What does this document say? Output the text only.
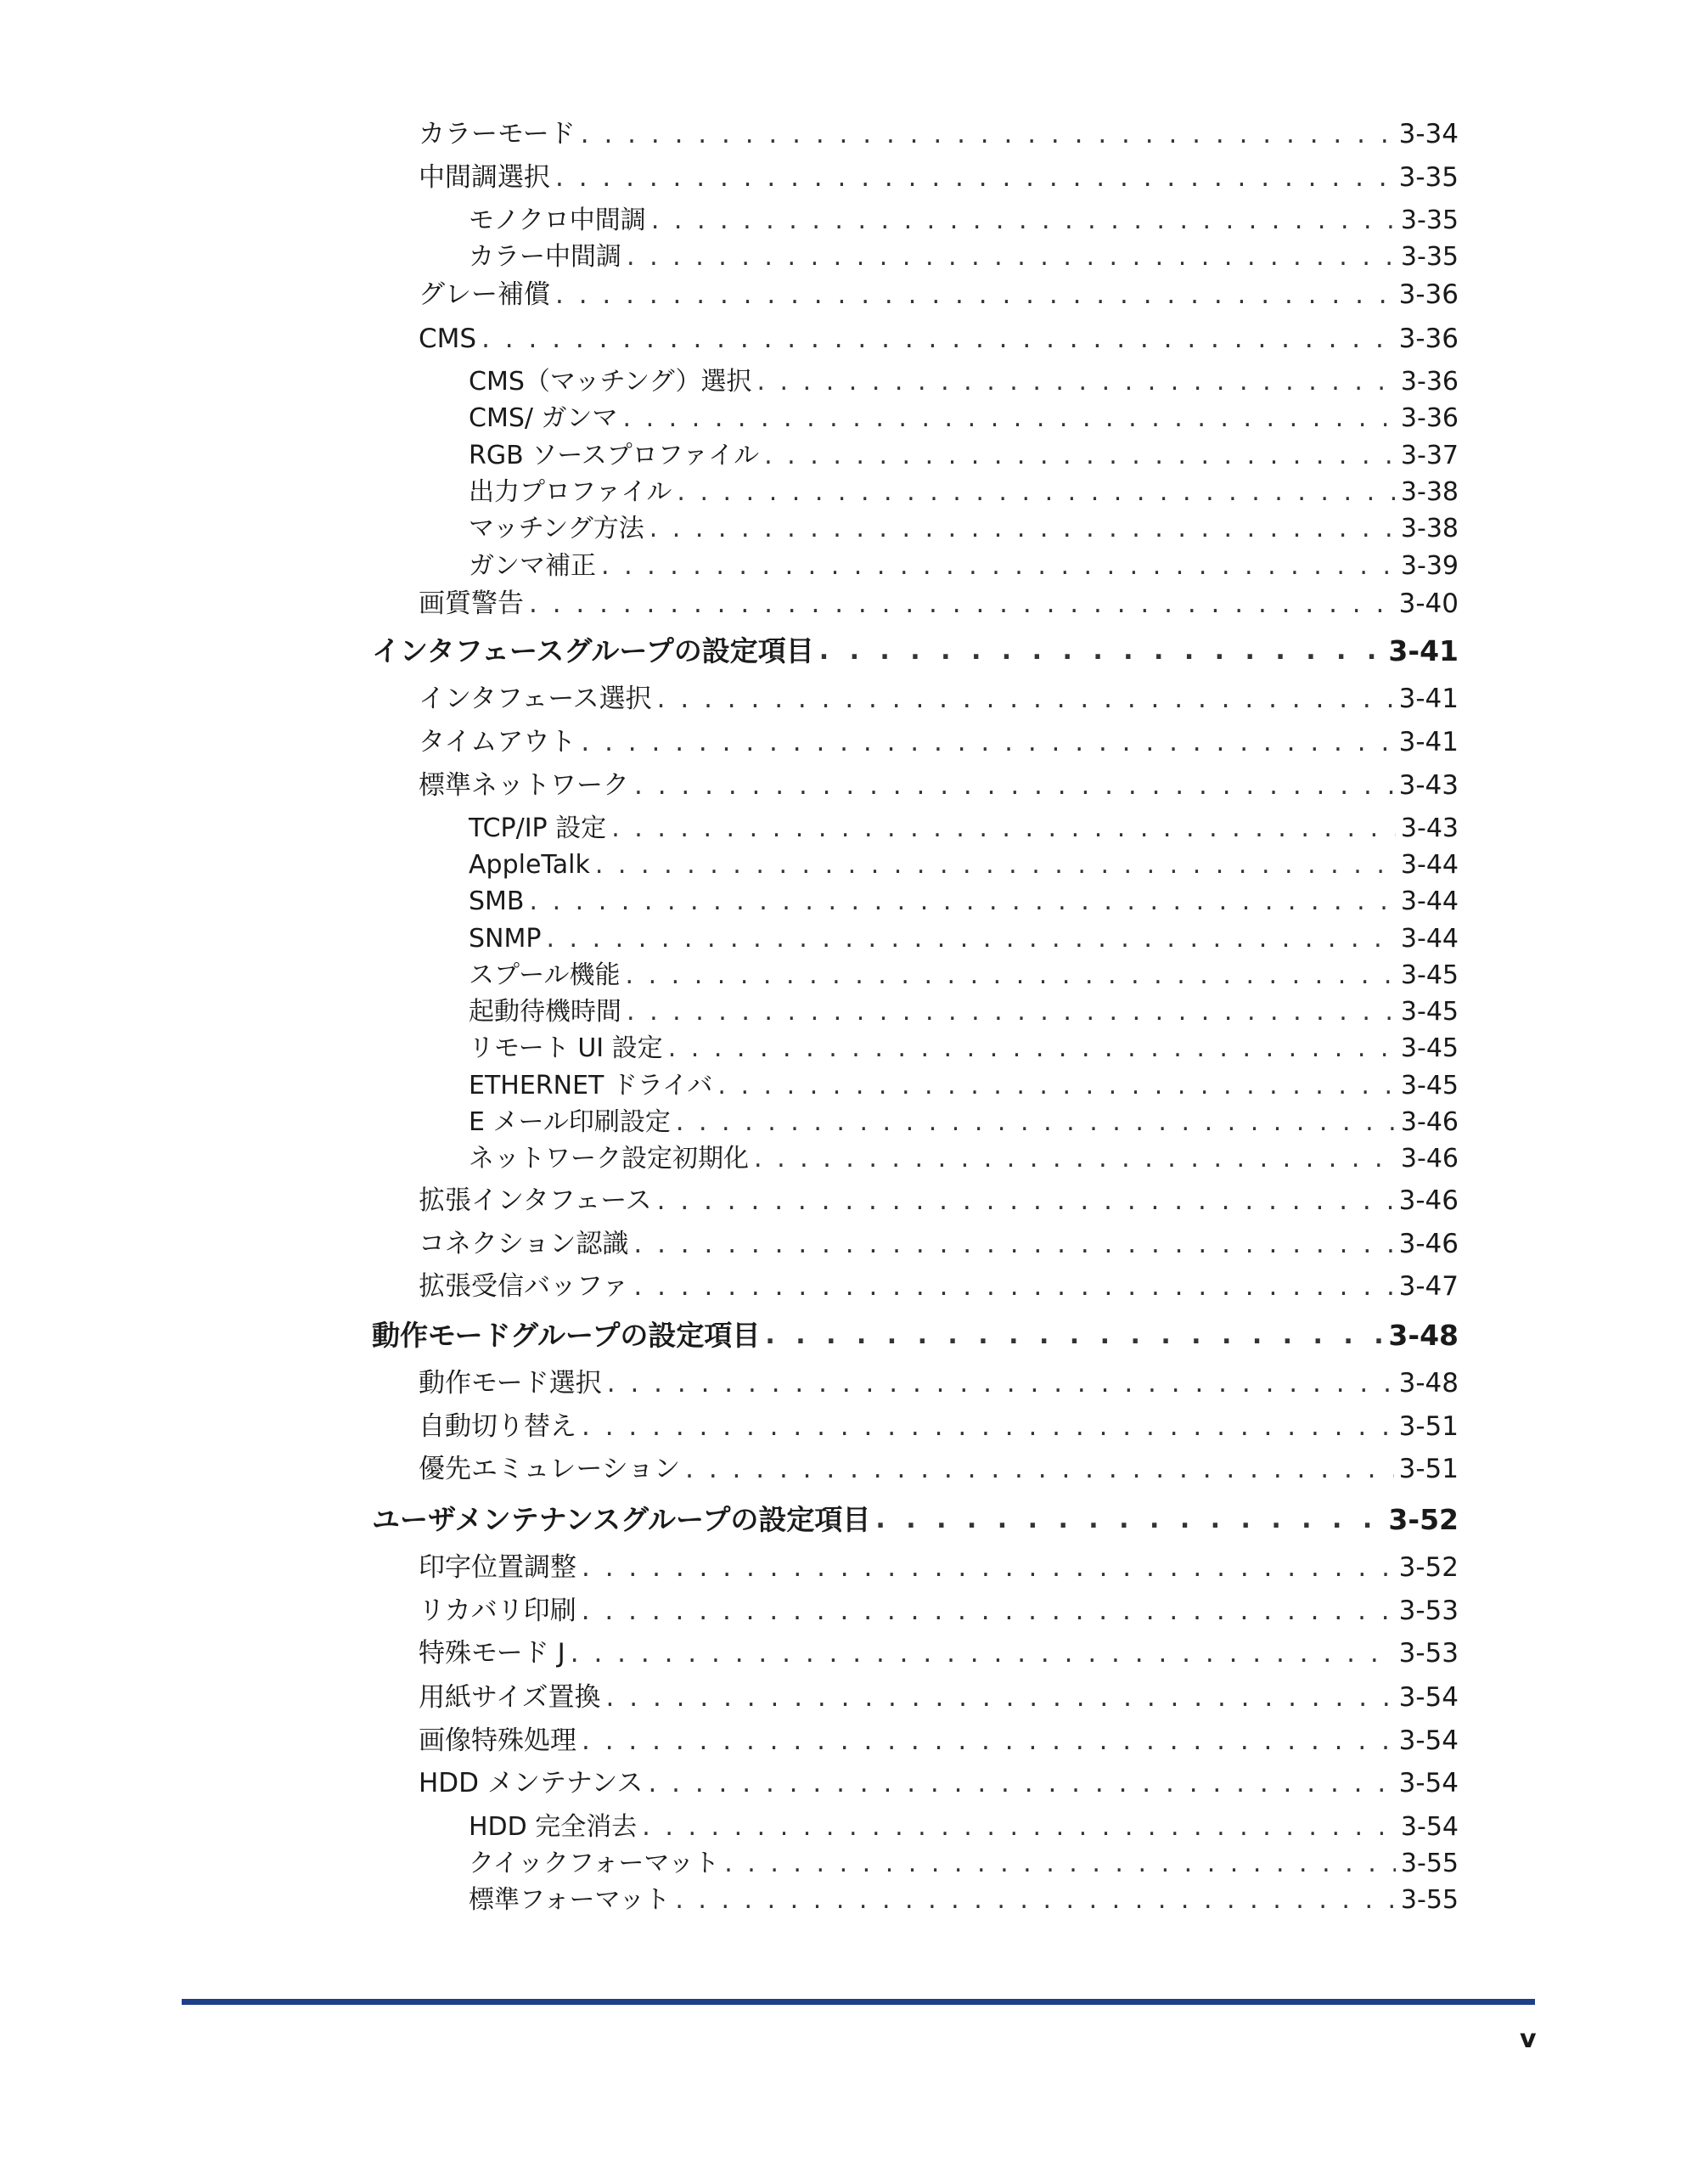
カラーモード . . .	3-34
中間調選択 . . .	3-35
モノクロ中間調 . . .	3-35
カラー中間調 . . .	3-35
グレー補償 . . .	3-36
CMS . . .	3-36
CMS（マッチング）選択 . . .	3-36
CMS/ ガンマ . . .	3-36
RGB ソースプロファイル . . .	3-37
出力プロファイル . . .	3-38
マッチング方法 . . .	3-38
ガンマ補正 . . .	3-39
画質警告 . . .	3-40
インタフェースグループの設定項目 . . .	3-41
インタフェース選択 . . .	3-41
タイムアウト . . .	3-41
標準ネットワーク . . .	3-43
TCP/IP 設定 . . .	3-43
AppleTalk . . .	3-44
SMB . . .	3-44
SNMP . . .	3-44
スプール機能 . . .	3-45
起動待機時間 . . .	3-45
リモート UI 設定 . . .	3-45
ETHERNET ドライバ . . .	3-45
E メール印刷設定 . . .	3-46
ネットワーク設定初期化 . . .	3-46
拡張インタフェース . . .	3-46
コネクション認識 . . .	3-46
拡張受信バッファ . . .	3-47
動作モードグループの設定項目 . . .	3-48
動作モード選択 . . .	3-48
自動切り替え . . .	3-51
優先エミュレーション . . .	3-51
ユーザメンテナンスグループの設定項目 . . .	3-52
印字位置調整 . . .	3-52
リカバリ印刷 . . .	3-53
特殊モード J . . .	3-53
用紙サイズ置換 . . .	3-54
画像特殊処理 . . .	3-54
HDD メンテナンス . . .	3-54
HDD 完全消去 . . .	3-54
クイックフォーマット . . .	3-55
標準フォーマット . . .	3-55
v
